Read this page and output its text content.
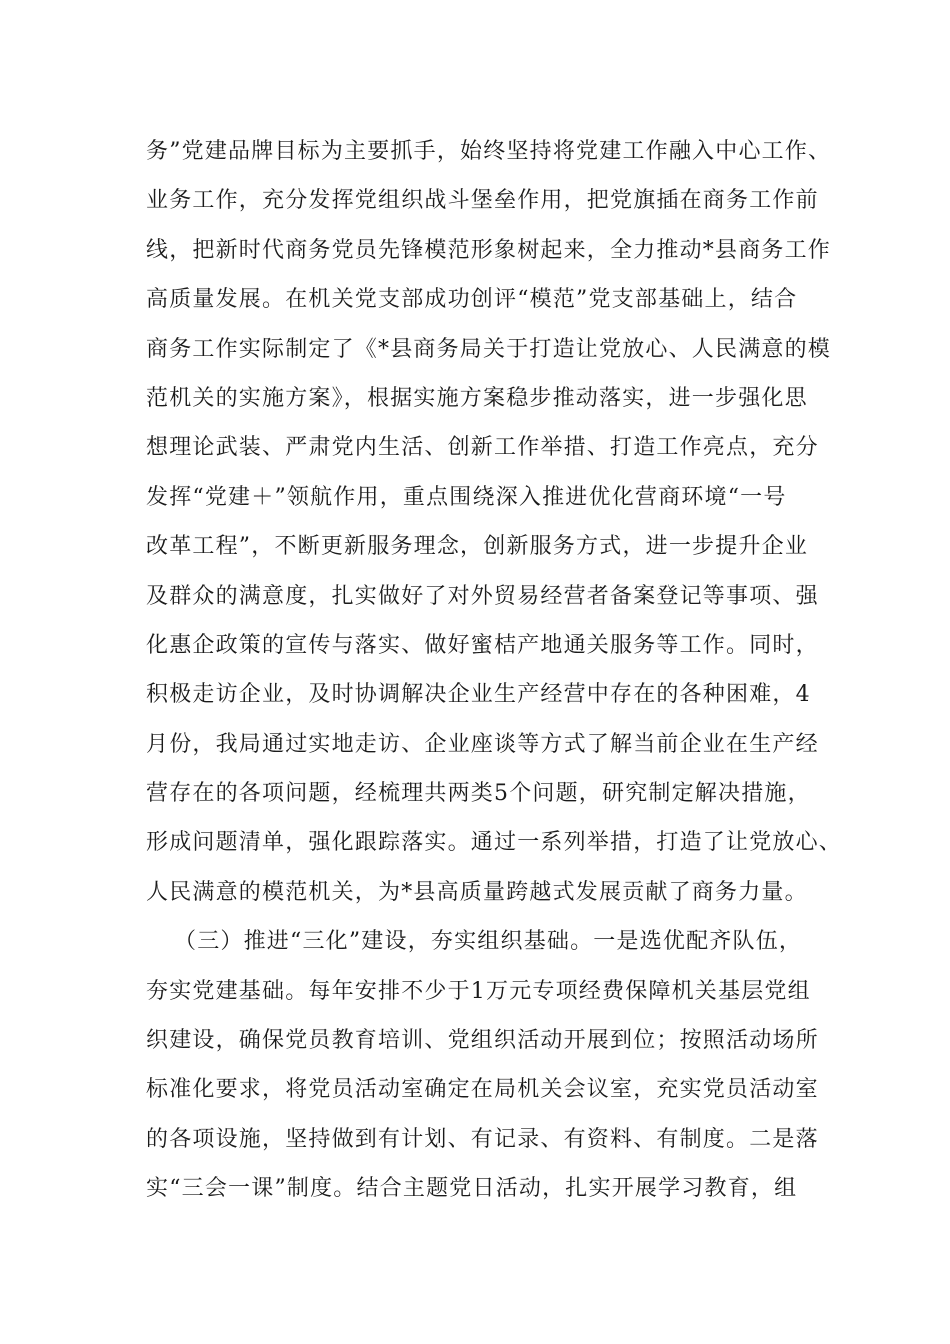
务”党建品牌目标为主要抓手，始终坚持将党建工作融入中心工作、
业务工作，充分发挥党组织战斗堡垒作用，把党旗插在商务工作前
线，把新时代商务党员先锋模范形象树起来，全力推动*县商务工作
高质量发展。在机关党支部成功创评“模范”党支部基础上，结合
商务工作实际制定了《*县商务局关于打造让党放心、人民满意的模
范机关的实施方案》，根据实施方案稳步推动落实，进一步强化思
想理论武装、严肃党内生活、创新工作举措、打造工作亮点，充分
发挥“党建＋”领航作用，重点围绕深入推进优化营商环境“一号
改革工程”，不断更新服务理念，创新服务方式，进一步提升企业
及群众的满意度，扎实做好了对外贸易经营者备案登记等事项、强
化惠企政策的宣传与落实、做好蜜桔产地通关服务等工作。同时，
积极走访企业，及时协调解决企业生产经营中存在的各种困难，4
月份，我局通过实地走访、企业座谈等方式了解当前企业在生产经
营存在的各项问题，经梳理共两类5个问题，研究制定解决措施，
形成问题清单，强化跟踪落实。通过一系列举措，打造了让党放心、
人民满意的模范机关，为*县高质量跨越式发展贡献了商务力量。
（三）推进“三化”建设，夯实组织基础。一是选优配齐队伍，
夯实党建基础。每年安排不少于1万元专项经费保障机关基层党组
织建设，确保党员教育培训、党组织活动开展到位；按照活动场所
标准化要求，将党员活动室确定在局机关会议室，充实党员活动室
的各项设施，坚持做到有计划、有记录、有资料、有制度。二是落
实“三会一课”制度。结合主题党日活动，扎实开展学习教育，组
